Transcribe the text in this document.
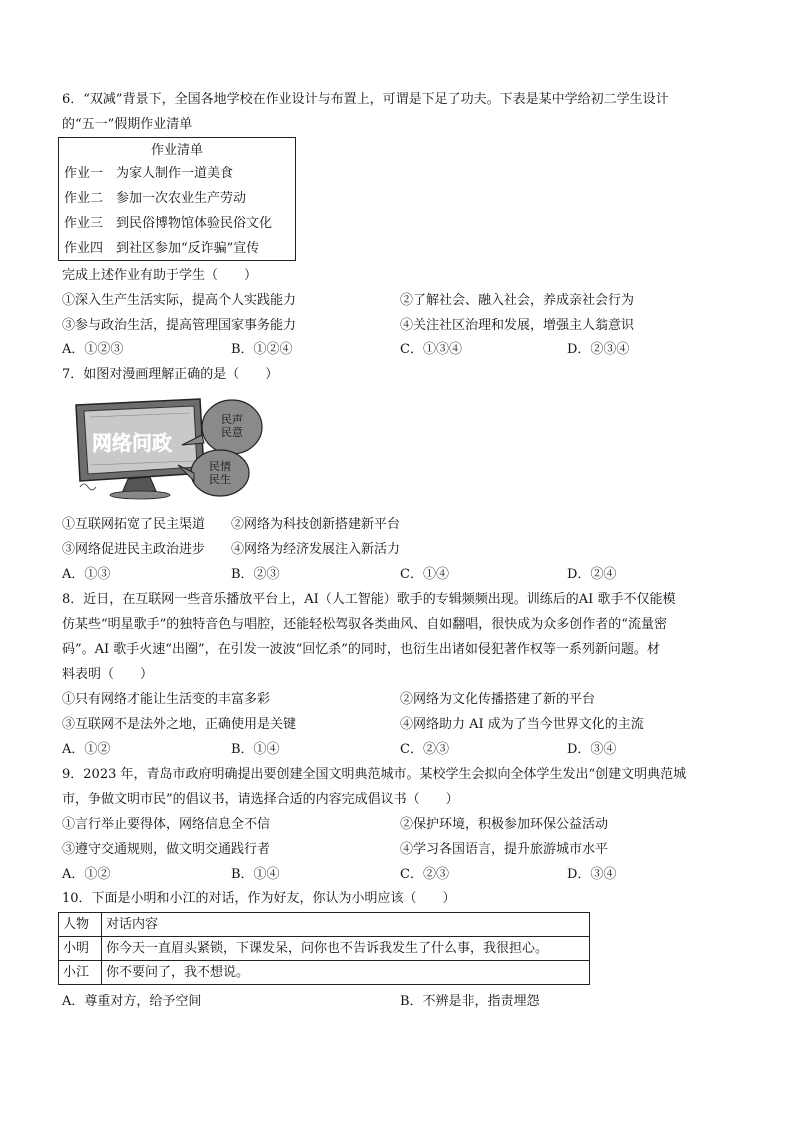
6．“双减”背景下，全国各地学校在作业设计与布置上，可谓是下足了功夫。下表是某中学给初二学生设计
的“五一”假期作业清单
作业清单
作业一　为家人制作一道美食
作业二　参加一次农业生产劳动
作业三　到民俗博物馆体验民俗文化
作业四　到社区参加“反诈骗”宣传
完成上述作业有助于学生（　　）
①深入生产生活实际，提高个人实践能力	②了解社会、融入社会，养成亲社会行为
③参与政治生活，提高管理国家事务能力	④关注社区治理和发展，增强主人翁意识
A．①②③	B．①②④	C．①③④	D．②③④
7．如图对漫画理解正确的是（　　）
网络问政
民声民意
民情民生
①互联网拓宽了民主渠道 ②网络为科技创新搭建新平台
③网络促进民主政治进步 ④网络为经济发展注入新活力
A．①③	B．②③	C．①④	D．②④
8．近日，在互联网一些音乐播放平台上，AI（人工智能）歌手的专辑频频出现。训练后的AI 歌手不仅能模
仿某些“明星歌手”的独特音色与唱腔，还能轻松驾驭各类曲风、自如翻唱，很快成为众多创作者的“流量密
码”。AI 歌手火速“出圈”，在引发一波波“回忆杀”的同时，也衍生出诸如侵犯著作权等一系列新问题。材
料表明（　　）
①只有网络才能让生活变的丰富多彩	②网络为文化传播搭建了新的平台
③互联网不是法外之地，正确使用是关键	④网络助力 AI 成为了当今世界文化的主流
A．①②	B．①④	C．②③	D．③④
9．2023 年，青岛市政府明确提出要创建全国文明典范城市。某校学生会拟向全体学生发出“创建文明典范城
市，争做文明市民”的倡议书，请选择合适的内容完成倡议书（　　）
①言行举止要得体，网络信息全不信	②保护环境，积极参加环保公益活动
③遵守交通规则，做文明交通践行者	④学习各国语言，提升旅游城市水平
A．①②	B．①④	C．②③	D．③④
10．下面是小明和小江的对话，作为好友，你认为小明应该（　　）
人物	对话内容
小明	你今天一直眉头紧锁，下课发呆，问你也不告诉我发生了什么事，我很担心。
小江	你不要问了，我不想说。
A．尊重对方，给予空间	B．不辨是非，指责埋怨
